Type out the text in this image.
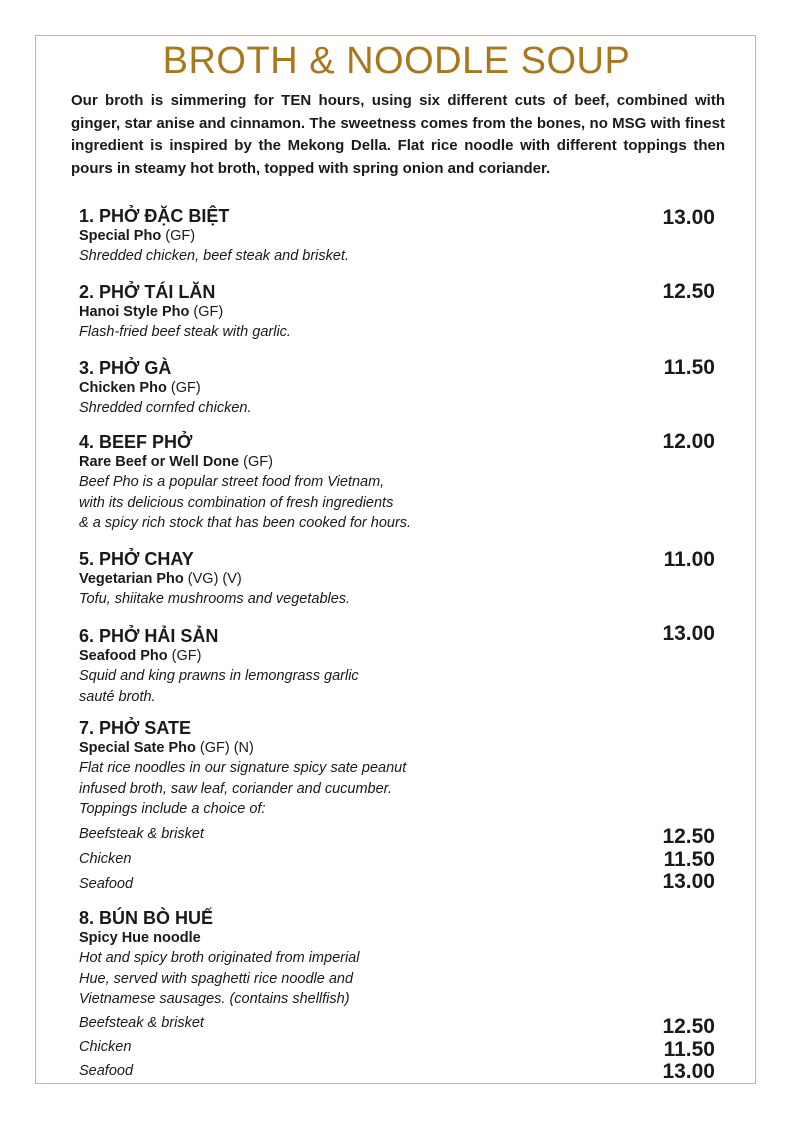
BROTH & NOODLE SOUP
Our broth is simmering for TEN hours, using six different cuts of beef, combined with ginger, star anise and cinnamon. The sweetness comes from the bones, no MSG with finest ingredient is inspired by the Mekong Della. Flat rice noodle with different toppings then pours in steamy hot broth, topped with spring onion and coriander.
1. PHỞ ĐẶC BIỆT
Special Pho (GF)
Shredded chicken, beef steak and brisket.
13.00
2. PHỞ TÁI LĂN
Hanoi Style Pho (GF)
Flash-fried beef steak with garlic.
12.50
3. PHỞ GÀ
Chicken Pho (GF)
Shredded cornfed chicken.
11.50
4. BEEF PHỞ
Rare Beef or Well Done (GF)
Beef Pho is a popular street food from Vietnam,
with its delicious combination of fresh ingredients
& a spicy rich stock that has been cooked for hours.
12.00
5. PHỞ CHAY
Vegetarian Pho (VG) (V)
Tofu, shiitake mushrooms and vegetables.
11.00
6. PHỞ HẢI SẢN
Seafood Pho (GF)
Squid and king prawns in lemongrass garlic
sauté broth.
13.00
7. PHỞ SATE
Special Sate Pho (GF) (N)
Flat rice noodles in our signature spicy sate peanut
infused broth, saw leaf, coriander and cucumber.
Toppings include a choice of:
Beefsteak & brisket	12.50
Chicken	11.50
Seafood	13.00
8. BÚN BÒ HUẾ
Spicy Hue noodle
Hot and spicy broth originated from imperial
Hue, served with spaghetti rice noodle and
Vietnamese sausages. (contains shellfish)
Beefsteak & brisket	12.50
Chicken	11.50
Seafood	13.00
